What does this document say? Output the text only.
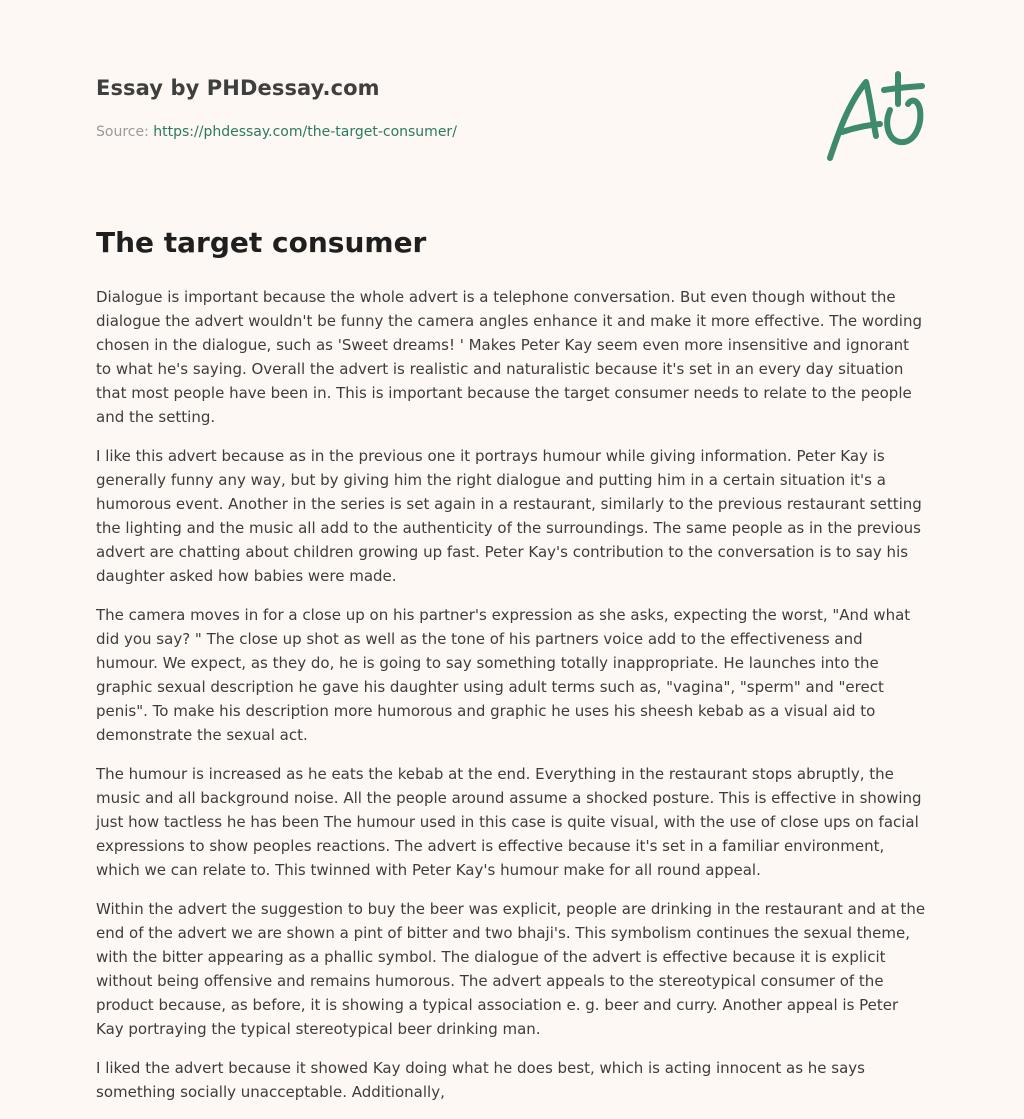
Essay by PHDessay.com
Source: https://phdessay.com/the-target-consumer/
The target consumer

Dialogue is important because the whole advert is a telephone conversation. But even though without the dialogue the advert wouldn't be funny the camera angles enhance it and make it more effective. The wording chosen in the dialogue, such as 'Sweet dreams! ' Makes Peter Kay seem even more insensitive and ignorant to what he's saying. Overall the advert is realistic and naturalistic because it's set in an every day situation that most people have been in. This is important because the target consumer needs to relate to the people and the setting.

I like this advert because as in the previous one it portrays humour while giving information. Peter Kay is generally funny any way, but by giving him the right dialogue and putting him in a certain situation it's a humorous event. Another in the series is set again in a restaurant, similarly to the previous restaurant setting the lighting and the music all add to the authenticity of the surroundings. The same people as in the previous advert are chatting about children growing up fast. Peter Kay's contribution to the conversation is to say his daughter asked how babies were made.

The camera moves in for a close up on his partner's expression as she asks, expecting the worst, "And what did you say? " The close up shot as well as the tone of his partners voice add to the effectiveness and humour. We expect, as they do, he is going to say something totally inappropriate. He launches into the graphic sexual description he gave his daughter using adult terms such as, "vagina", "sperm" and "erect penis". To make his description more humorous and graphic he uses his sheesh kebab as a visual aid to demonstrate the sexual act.

The humour is increased as he eats the kebab at the end. Everything in the restaurant stops abruptly, the music and all background noise. All the people around assume a shocked posture. This is effective in showing just how tactless he has been The humour used in this case is quite visual, with the use of close ups on facial expressions to show peoples reactions. The advert is effective because it's set in a familiar environment, which we can relate to. This twinned with Peter Kay's humour make for all round appeal.

Within the advert the suggestion to buy the beer was explicit, people are drinking in the restaurant and at the end of the advert we are shown a pint of bitter and two bhaji's. This symbolism continues the sexual theme, with the bitter appearing as a phallic symbol. The dialogue of the advert is effective because it is explicit without being offensive and remains humorous. The advert appeals to the stereotypical consumer of the product because, as before, it is showing a typical association e. g. beer and curry. Another appeal is Peter Kay portraying the typical stereotypical beer drinking man.

I liked the advert because it showed Kay doing what he does best, which is acting innocent as he says something socially unacceptable. Additionally,
